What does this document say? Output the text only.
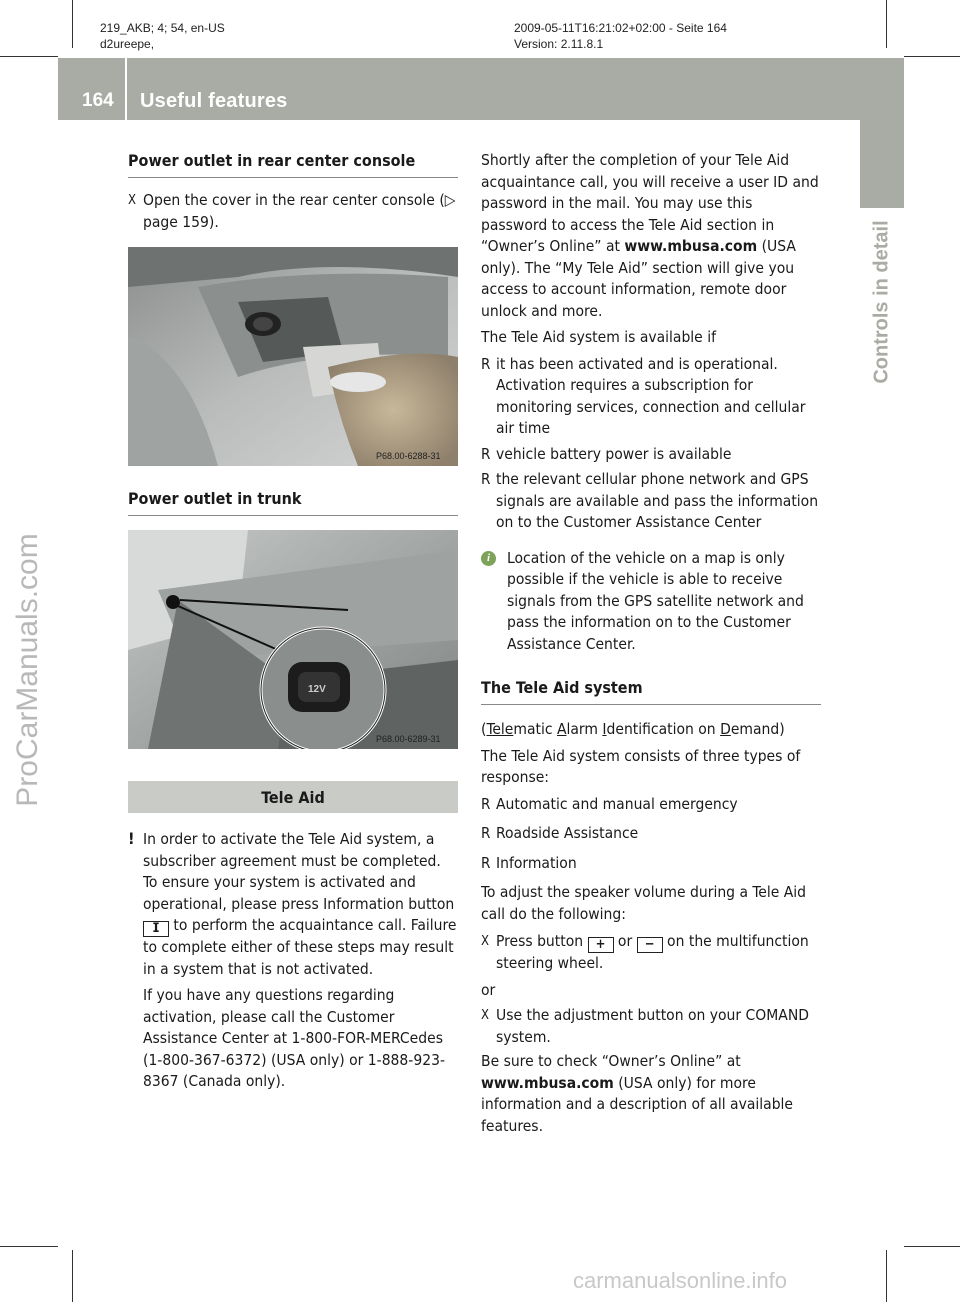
219_AKB; 4; 54, en-US
d2ureepe,
2009-05-11T16:21:02+02:00 - Seite 164
Version: 2.11.8.1
164 Useful features
Controls in detail
ProCarManuals.com
Power outlet in rear center console
X Open the cover in the rear center console (▷ page 159).
P68.00-6288-31
Power outlet in trunk
12V
P68.00-6289-31
Tele Aid
! In order to activate the Tele Aid system, a subscriber agreement must be completed. To ensure your system is activated and operational, please press Information button ⵊ to perform the acquaintance call. Failure to complete either of these steps may result in a system that is not activated.

If you have any questions regarding activation, please call the Customer Assistance Center at 1-800-FOR-MERCedes (1-800-367-6372) (USA only) or 1-888-923-8367 (Canada only).

Shortly after the completion of your Tele Aid acquaintance call, you will receive a user ID and password in the mail. You may use this password to access the Tele Aid section in “Owner’s Online” at www.mbusa.com (USA only). The “My Tele Aid” section will give you access to account information, remote door unlock and more.

The Tele Aid system is available if

R it has been activated and is operational. Activation requires a subscription for monitoring services, connection and cellular air time
R vehicle battery power is available
R the relevant cellular phone network and GPS signals are available and pass the information on to the Customer Assistance Center
i	Location of the vehicle on a map is only possible if the vehicle is able to receive signals from the GPS satellite network and pass the information on to the Customer Assistance Center.
The Tele Aid system

(Telematic Alarm Identification on Demand)

The Tele Aid system consists of three types of response:

R Automatic and manual emergency
R Roadside Assistance
R Information

To adjust the speaker volume during a Tele Aid call do the following:

X Press button + or − on the multifunction steering wheel.

or

X Use the adjustment button on your COMAND system.

Be sure to check “Owner’s Online” at www.mbusa.com (USA only) for more information and a description of all available features.

carmanualsonline.info
